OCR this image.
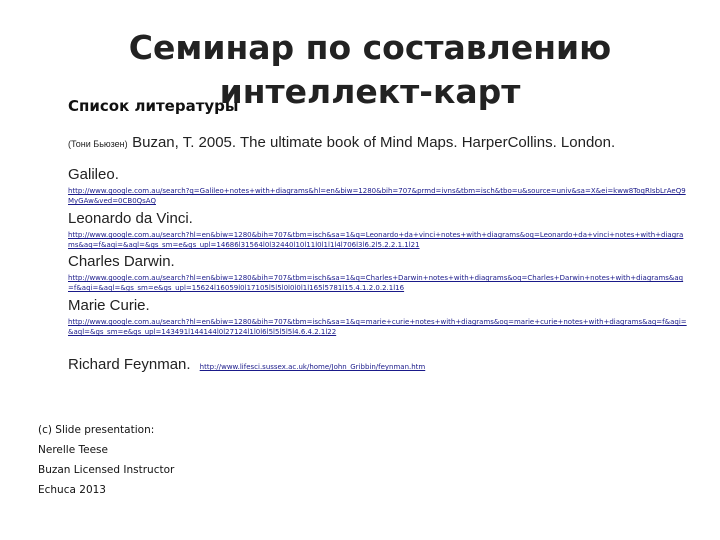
Семинар по составлению интеллект-карт
Список литературы
(Тони Бьюзен) Buzan, T. 2005. The ultimate book of Mind Maps. HarperCollins. London.
Galileo.
http://www.google.com.au/search?q=Galileo+notes+with+diagrams&hl=en&biw=1280&bih=707&prmd=ivns&tbm=isch&tbo=u&source=univ&sa=X&ei=kww8ToqRIsbLrAeQ9MyGAw&ved=0CB0QsAQ
Leonardo da Vinci.
http://www.google.com.au/search?hl=en&biw=1280&bih=707&tbm=isch&sa=1&q=Leonardo+da+vinci+notes+with+diagrams&oq=Leonardo+da+vinci+notes+with+diagrams&aq=f&aqi=&aql=&gs_sm=e&gs_upl=14686l31564l0l32440l10l11l0l1l1l4l706l3l6.2l5.2.2.1.1l21
Charles Darwin.
http://www.google.com.au/search?hl=en&biw=1280&bih=707&tbm=isch&sa=1&q=Charles+Darwin+notes+with+diagrams&oq=Charles+Darwin+notes+with+diagrams&aq=f&aqi=&aql=&gs_sm=e&gs_upl=15624l16059l0l17105l5l5l0l0l0l1l165l5781l15.4.1.2.0.2.1l16
Marie Curie.
http://www.google.com.au/search?hl=en&biw=1280&bih=707&tbm=isch&sa=1&q=marie+curie+notes+with+diagrams&oq=marie+curie+notes+with+diagrams&aq=f&aqi=&aql=&gs_sm=e&gs_upl=143491l144144l0l27124l1l0l6l5l5l5l5l4.6.4.2.1l22
Richard Feynman. http://www.lifesci.sussex.ac.uk/home/John_Gribbin/feynman.htm
(c) Slide presentation:
Nerelle Teese
Buzan Licensed Instructor
Echuca 2013
